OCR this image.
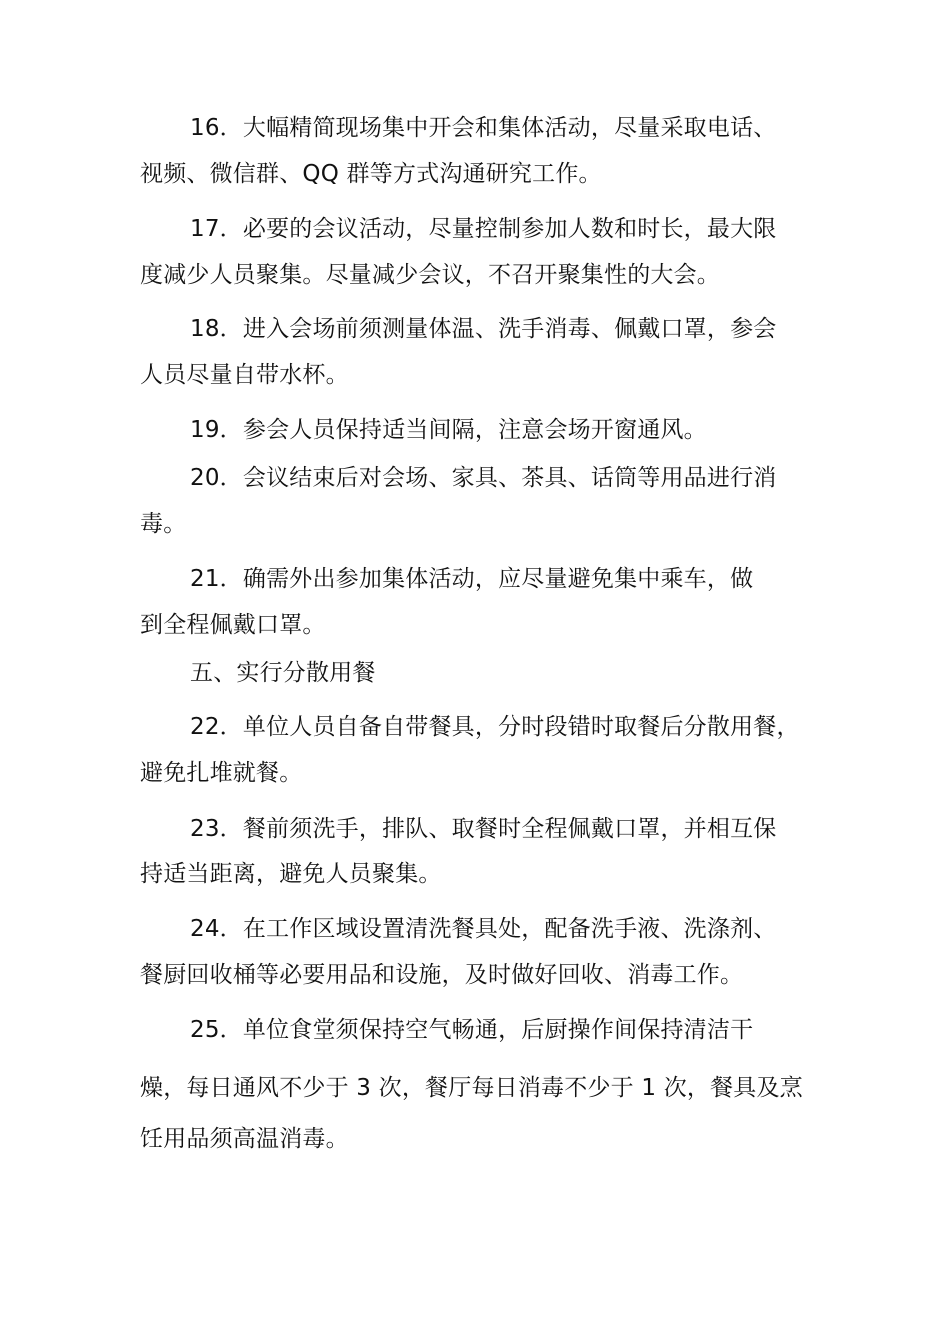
16．大幅精简现场集中开会和集体活动，尽量采取电话、
视频、微信群、QQ 群等方式沟通研究工作。
17．必要的会议活动，尽量控制参加人数和时长，最大限
度减少人员聚集。尽量减少会议，不召开聚集性的大会。
18．进入会场前须测量体温、洗手消毒、佩戴口罩，参会
人员尽量自带水杯。
19．参会人员保持适当间隔，注意会场开窗通风。
20．会议结束后对会场、家具、茶具、话筒等用品进行消
毒。
21．确需外出参加集体活动，应尽量避免集中乘车，做
到全程佩戴口罩。
五、实行分散用餐
22．单位人员自备自带餐具，分时段错时取餐后分散用餐，
避免扎堆就餐。
23．餐前须洗手，排队、取餐时全程佩戴口罩，并相互保
持适当距离，避免人员聚集。
24．在工作区域设置清洗餐具处，配备洗手液、洗涤剂、
餐厨回收桶等必要用品和设施，及时做好回收、消毒工作。
25．单位食堂须保持空气畅通，后厨操作间保持清洁干
燥，每日通风不少于 3 次，餐厅每日消毒不少于 1 次，餐具及烹
饪用品须高温消毒。
